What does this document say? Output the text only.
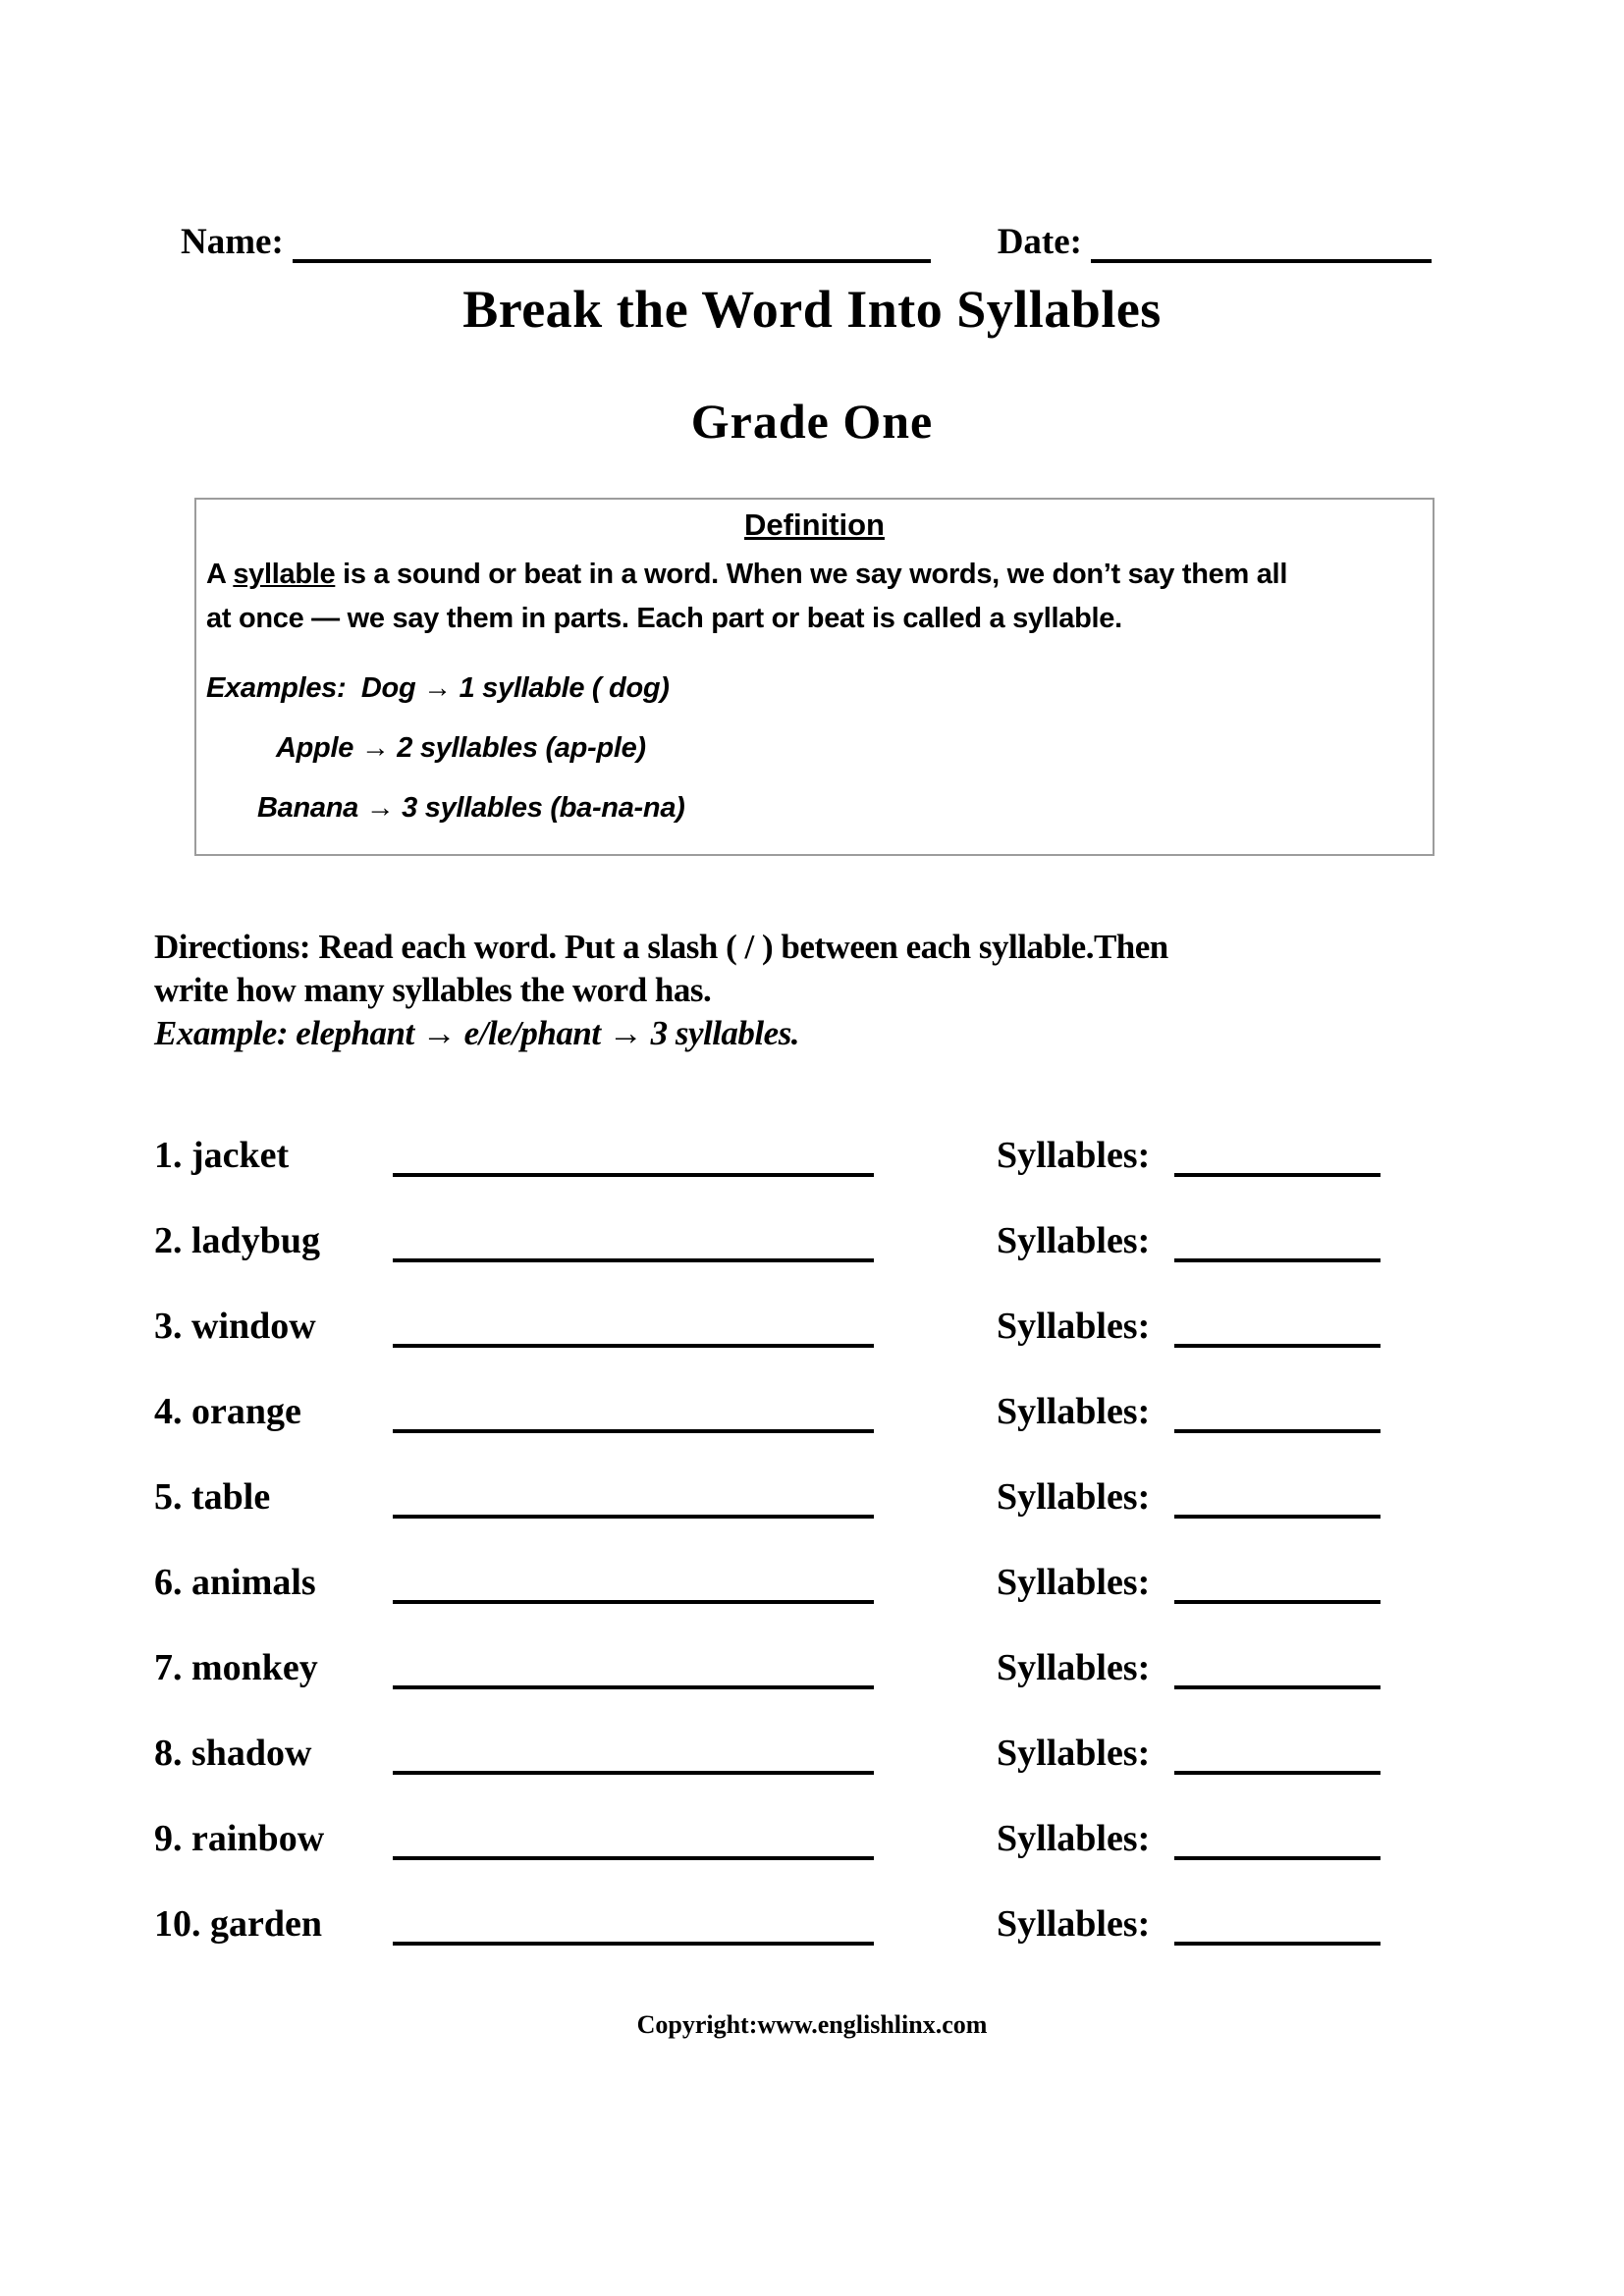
Name:	Date:
Break the Word Into Syllables
Grade One
Definition
A syllable is a sound or beat in a word. When we say words, we don’t say them all
at once — we say them in parts. Each part or beat is called a syllable.
Examples:  Dog → 1 syllable ( dog)
Apple → 2 syllables (ap-ple)
Banana → 3 syllables (ba-na-na)
Directions: Read each word. Put a slash ( / ) between each syllable.Then
write how many syllables the word has.
Example: elephant → e/le/phant → 3 syllables.
1. jacket	Syllables:
2. ladybug	Syllables:
3. window	Syllables:
4. orange	Syllables:
5. table	Syllables:
6. animals	Syllables:
7. monkey	Syllables:
8. shadow	Syllables:
9. rainbow	Syllables:
10. garden	Syllables:
Copyright:www.englishlinx.com
